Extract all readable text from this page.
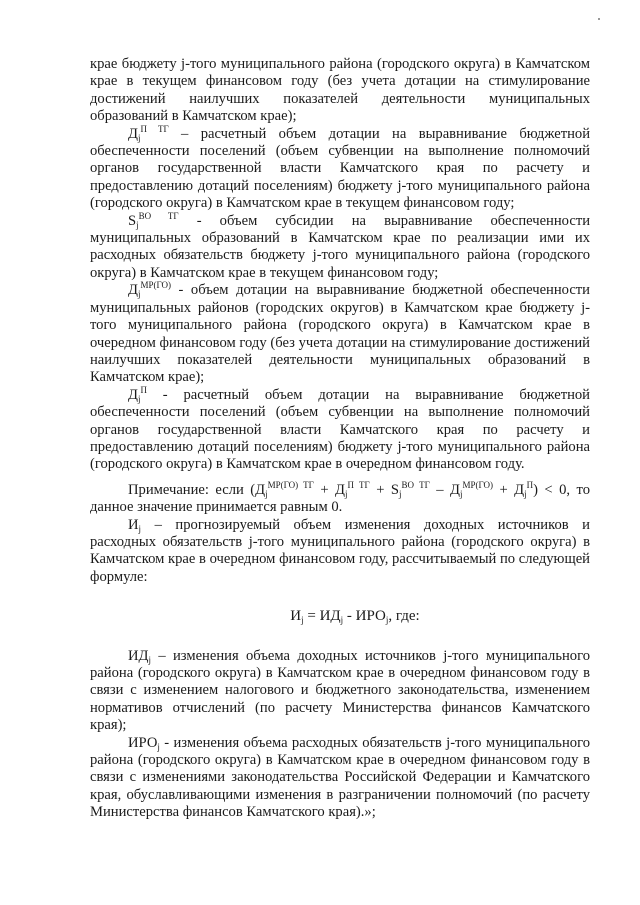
крае бюджету j-того муниципального района (городского округа) в Камчатском крае в текущем финансовом году (без учета дотации на стимулирование достижений наилучших показателей деятельности муниципальных образований в Камчатском крае);

$Д_j^{П ТГ}$ – расчетный объем дотации на выравнивание бюджетной обеспеченности поселений (объем субвенции на выполнение полномочий органов государственной власти Камчатского края по расчету и предоставлению дотаций поселениям) бюджету j-того муниципального района (городского округа) в Камчатском крае в текущем финансовом году;

$S_j^{ВО ТГ}$ - объем субсидии на выравнивание обеспеченности муниципальных образований в Камчатском крае по реализации ими их расходных обязательств бюджету j-того муниципального района (городского округа) в Камчатском крае в текущем финансовом году;

$Д_j^{МР(ГО)}$ - объем дотации на выравнивание бюджетной обеспеченности муниципальных районов (городских округов) в Камчатском крае бюджету j-того муниципального района (городского округа) в Камчатском крае в очередном финансовом году (без учета дотации на стимулирование достижений наилучших показателей деятельности муниципальных образований в Камчатском крае);

$Д_j^П$ - расчетный объем дотации на выравнивание бюджетной обеспеченности поселений (объем субвенции на выполнение полномочий органов государственной власти Камчатского края по расчету и предоставлению дотаций поселениям) бюджету j-того муниципального района (городского округа) в Камчатском крае в очередном финансовом году.

Примечание: если $(Д_j^{МР(ГО) ТГ} + Д_j^{П ТГ} + S_j^{ВО ТГ} - Д_j^{МР(ГО)} + Д_j^П) < 0$, то данное значение принимается равным 0.

$И_j$ – прогнозируемый объем изменения доходных источников и расходных обязательств j-того муниципального района (городского округа) в Камчатском крае в очередном финансовом году, рассчитываемый по следующей формуле:

$И_j = ИД_j - ИРО_j$, где:

$ИД_j$ – изменения объема доходных источников j-того муниципального района (городского округа) в Камчатском крае в очередном финансовом году в связи с изменением налогового и бюджетного законодательства, изменением нормативов отчислений (по расчету Министерства финансов Камчатского края);

$ИРО_j$ - изменения объема расходных обязательств j-того муниципального района (городского округа) в Камчатском крае в очередном финансовом году в связи с изменениями законодательства Российской Федерации и Камчатского края, обуславливающими изменения в разграничении полномочий (по расчету Министерства финансов Камчатского края).»;
